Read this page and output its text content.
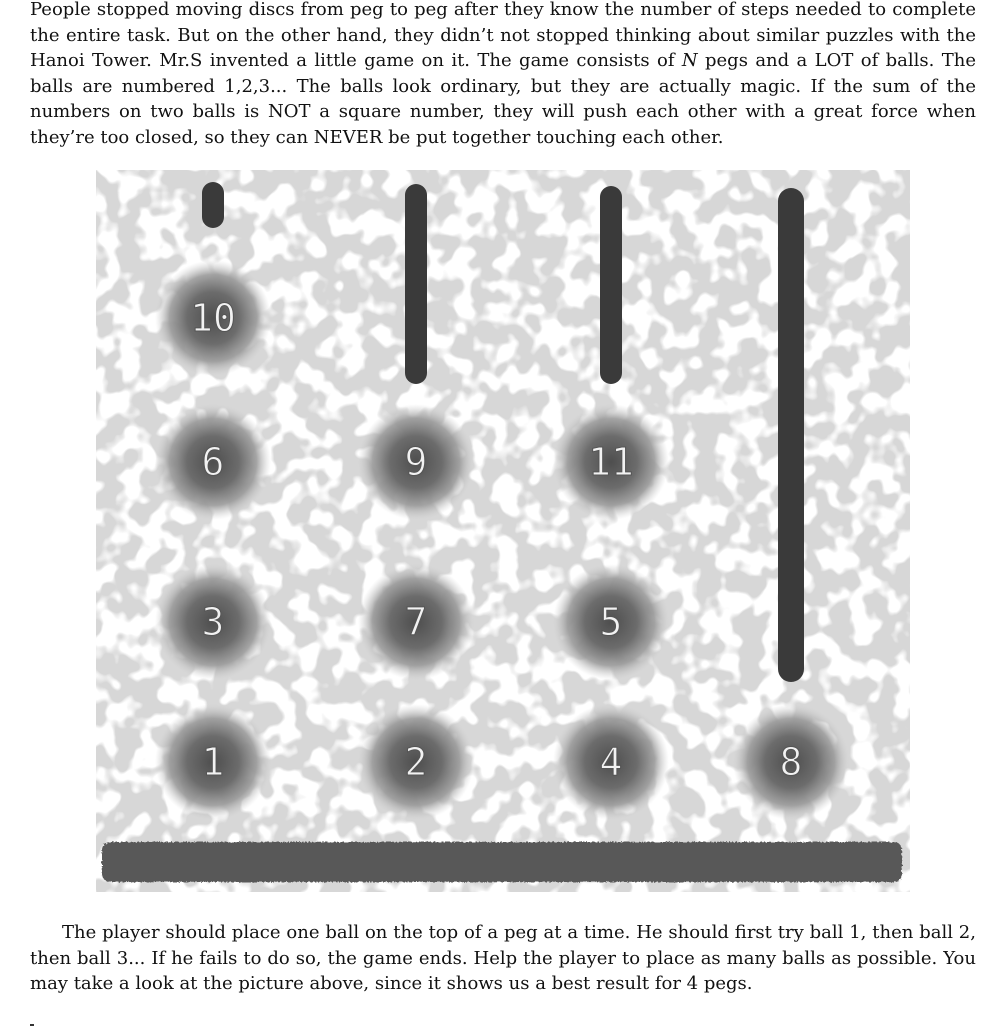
People stopped moving discs from peg to peg after they know the number of steps needed to complete the entire task. But on the other hand, they didn’t not stopped thinking about similar puzzles with the Hanoi Tower. Mr.S invented a little game on it. The game consists of N pegs and a LOT of balls. The balls are numbered 1,2,3... The balls look ordinary, but they are actually magic. If the sum of the numbers on two balls is NOT a square number, they will push each other with a great force when they’re too closed, so they can NEVER be put together touching each other.

1
3
6
10
2
7
9
4
5
11
8

The player should place one ball on the top of a peg at a time. He should first try ball 1, then ball 2, then ball 3... If he fails to do so, the game ends. Help the player to place as many balls as possible. You may take a look at the picture above, since it shows us a best result for 4 pegs.
